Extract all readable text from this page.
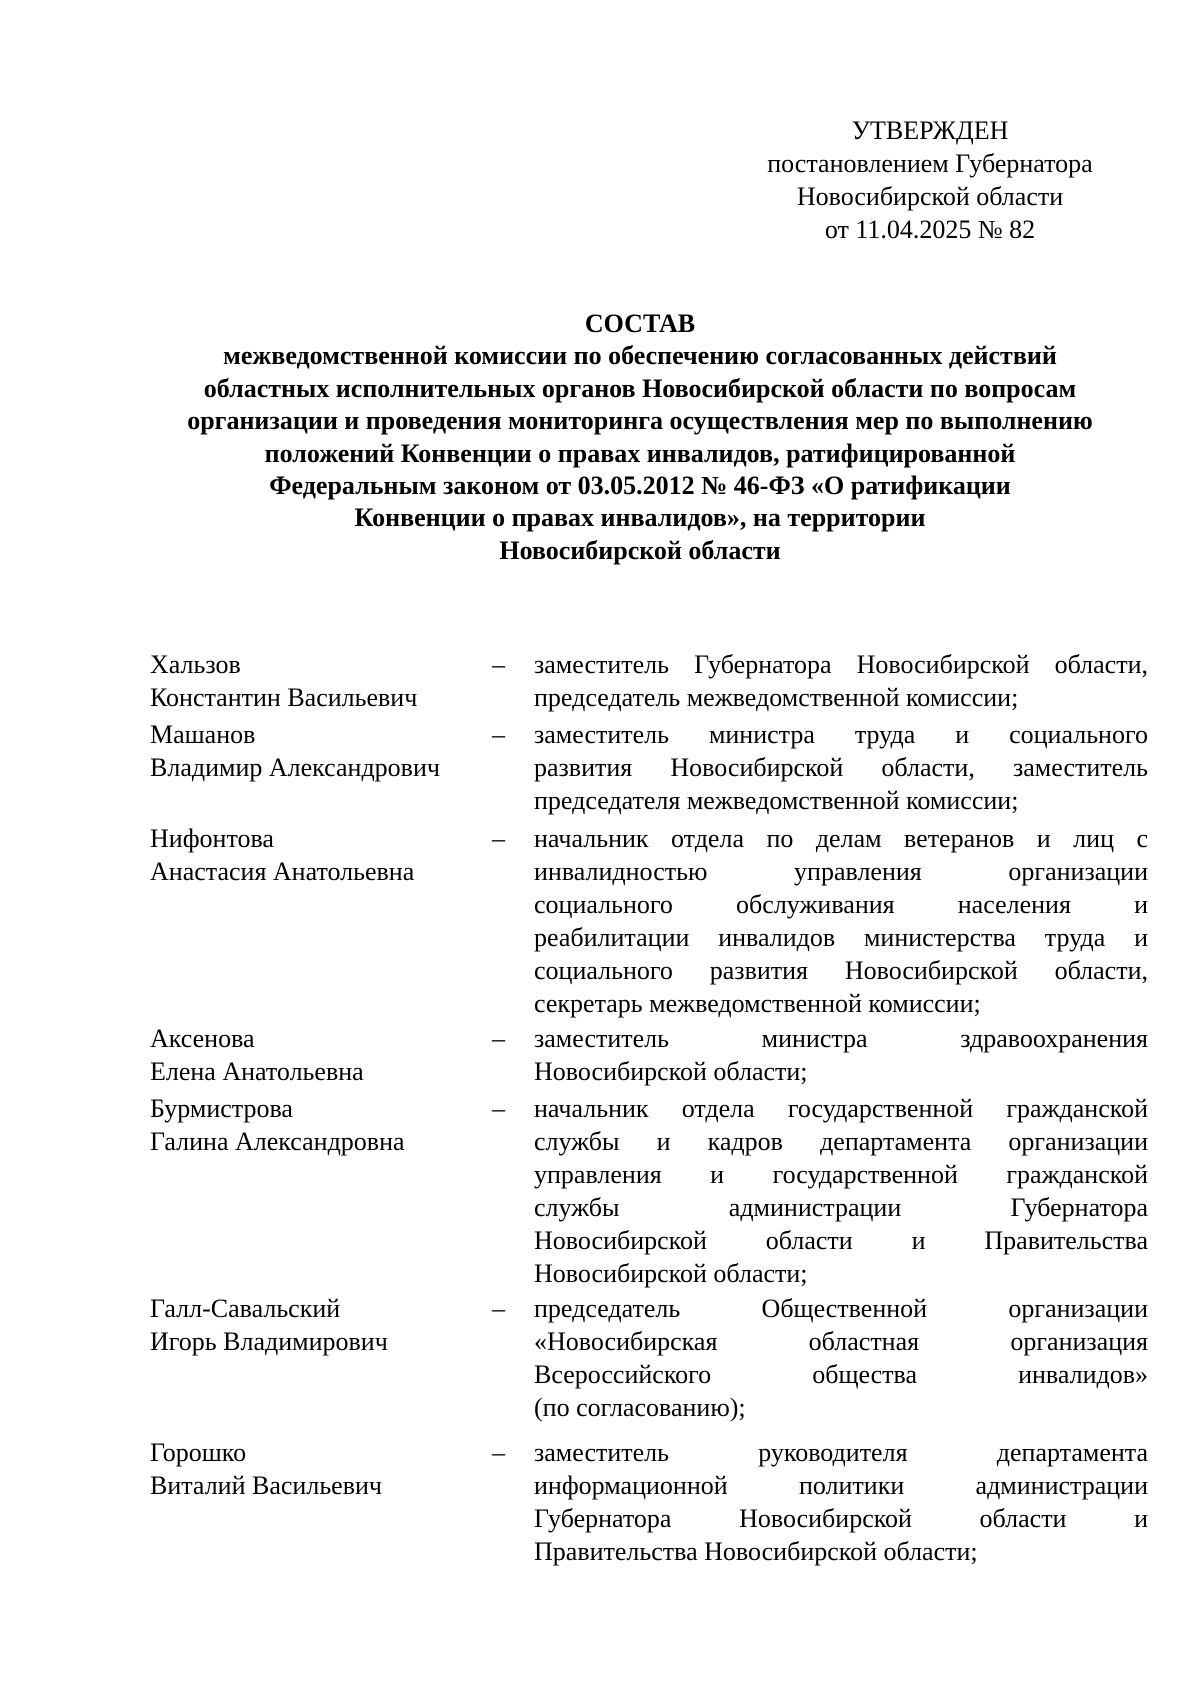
УТВЕРЖДЕН
постановлением Губернатора
Новосибирской области
от 11.04.2025 № 82
СОСТАВ
межведомственной комиссии по обеспечению согласованных действий
областных исполнительных органов Новосибирской области по вопросам
организации и проведения мониторинга осуществления мер по выполнению
положений Конвенции о правах инвалидов, ратифицированной
Федеральным законом от 03.05.2012 № 46-ФЗ «О ратификации
Конвенции о правах инвалидов», на территории
Новосибирской области
Хальзов
Константин Васильевич
– заместитель Губернатора Новосибирской области,
председатель межведомственной комиссии;
Машанов
Владимир Александрович
– заместитель министра труда и социального
развития Новосибирской области, заместитель
председателя межведомственной комиссии;
Нифонтова
Анастасия Анатольевна
– начальник отдела по делам ветеранов и лиц с
инвалидностью управления организации
социального обслуживания населения и
реабилитации инвалидов министерства труда и
социального развития Новосибирской области,
секретарь межведомственной комиссии;
Аксенова
Елена Анатольевна
– заместитель министра здравоохранения
Новосибирской области;
Бурмистрова
Галина Александровна
– начальник отдела государственной гражданской
службы и кадров департамента организации
управления и государственной гражданской
службы администрации Губернатора
Новосибирской области и Правительства
Новосибирской области;
Галл-Савальский
Игорь Владимирович
– председатель Общественной организации
«Новосибирская областная организация
Всероссийского общества инвалидов»
(по согласованию);
Горошко
Виталий Васильевич
– заместитель руководителя департамента
информационной политики администрации
Губернатора Новосибирской области и
Правительства Новосибирской области;
